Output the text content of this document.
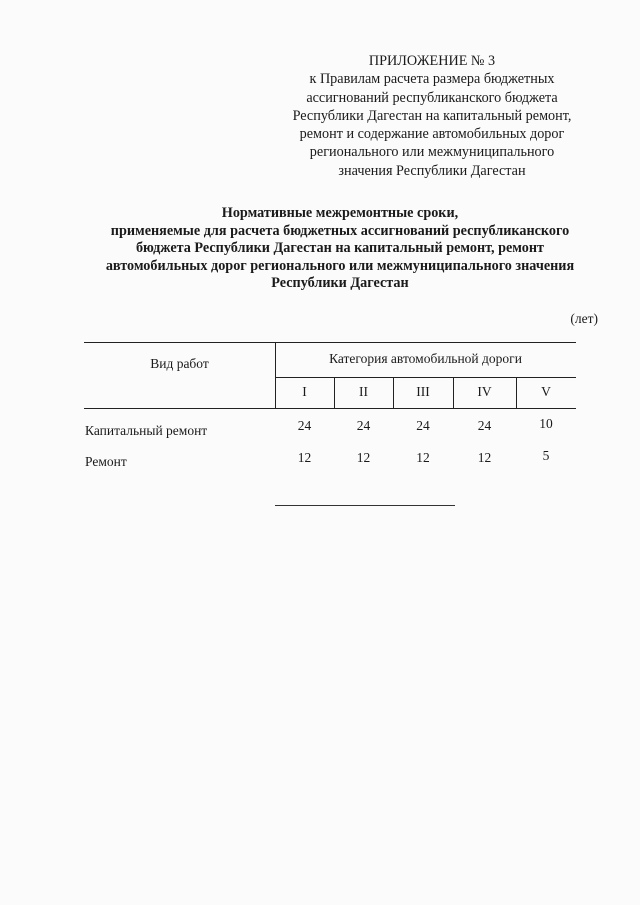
ПРИЛОЖЕНИЕ № 3
к Правилам расчета размера бюджетных
ассигнований республиканского бюджета
Республики Дагестан на капитальный ремонт,
ремонт и содержание автомобильных дорог
регионального или межмуниципального
значения Республики Дагестан
Нормативные межремонтные сроки,
применяемые для расчета бюджетных ассигнований республиканского
бюджета Республики Дагестан на капитальный ремонт, ремонт
автомобильных дорог регионального или межмуниципального значения
Республики Дагестан
(лет)
Вид работ	Категория автомобильной дороги
I	II	III	IV	V
Капитальный ремонт	24	24	24	24	10
Ремонт	12	12	12	12	5
